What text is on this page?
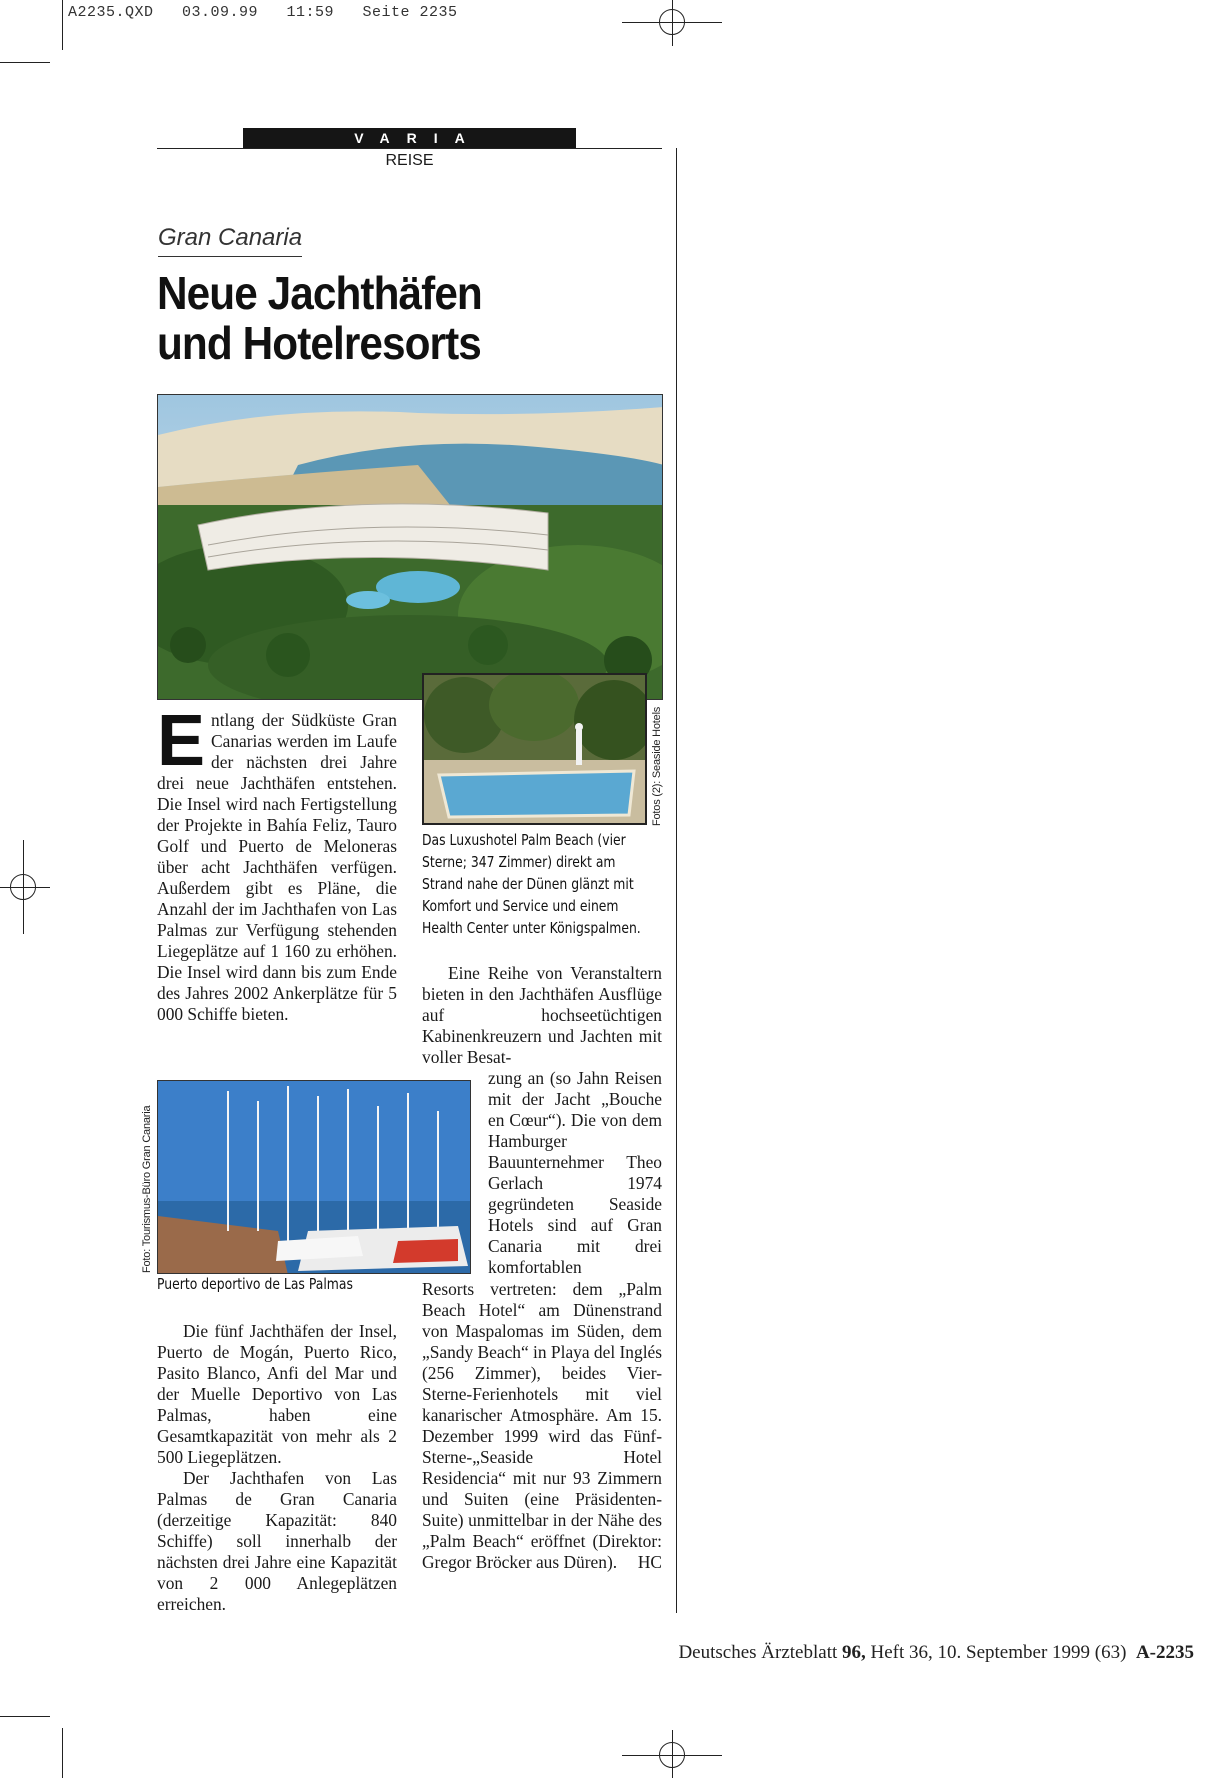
A2235.QXD   03.09.99   11:59   Seite 2235
VARIA
REISE
Gran Canaria
Neue Jachthäfen
und Hotelresorts
Fotos (2): Seaside Hotels
Das Luxushotel Palm Beach (vier Sterne; 347 Zimmer) direkt am Strand nahe der Dünen glänzt mit Komfort und Service und einem Health Center unter Königspalmen.
Foto: Tourismus-Büro Gran Canaria
Puerto deportivo de Las Palmas

Entlang der Südküste Gran Canarias werden im Laufe der nächsten drei Jahre drei neue Jachthäfen entstehen. Die Insel wird nach Fertigstellung der Projekte in Bahía Feliz, Tauro Golf und Puerto de Meloneras über acht Jachthäfen verfügen. Außerdem gibt es Pläne, die Anzahl der im Jachthafen von Las Palmas zur Verfügung stehenden Liegeplätze auf 1 160 zu erhöhen. Die Insel wird dann bis zum Ende des Jahres 2002 Ankerplätze für 5 000 Schiffe bieten.

Die fünf Jachthäfen der Insel, Puerto de Mogán, Puerto Rico, Pasito Blanco, Anfi del Mar und der Muelle Deportivo von Las Palmas, haben eine Gesamtkapazität von mehr als 2 500 Liegeplätzen.

Der Jachthafen von Las Palmas de Gran Canaria (derzeitige Kapazität: 840 Schiffe) soll innerhalb der nächsten drei Jahre eine Kapazität von 2 000 Anlegeplätzen erreichen.

Eine Reihe von Veranstaltern bieten in den Jachthäfen Ausflüge auf hochseetüchtigen Kabinenkreuzern und Jachten mit voller Besat-

zung an (so Jahn Reisen mit der Jacht „Bouche en Cœur“). Die von dem Hamburger Bauunternehmer Theo Gerlach 1974 gegründeten Seaside Hotels sind auf Gran Canaria mit drei komfortablen

Resorts vertreten: dem „Palm Beach Hotel“ am Dünenstrand von Maspalomas im Süden, dem „Sandy Beach“ in Playa del Inglés (256 Zimmer), beides Vier-Sterne-Ferienhotels mit viel kanarischer Atmosphäre. Am 15. Dezember 1999 wird das Fünf-Sterne-„Seaside Hotel Residencia“ mit nur 93 Zimmern und Suiten (eine Präsidenten-Suite) unmittelbar in der Nähe des „Palm Beach“ eröffnet (Direktor: Gregor Bröcker aus Düren). HC

Deutsches Ärzteblatt 96, Heft 36, 10. September 1999 (63) A-2235
